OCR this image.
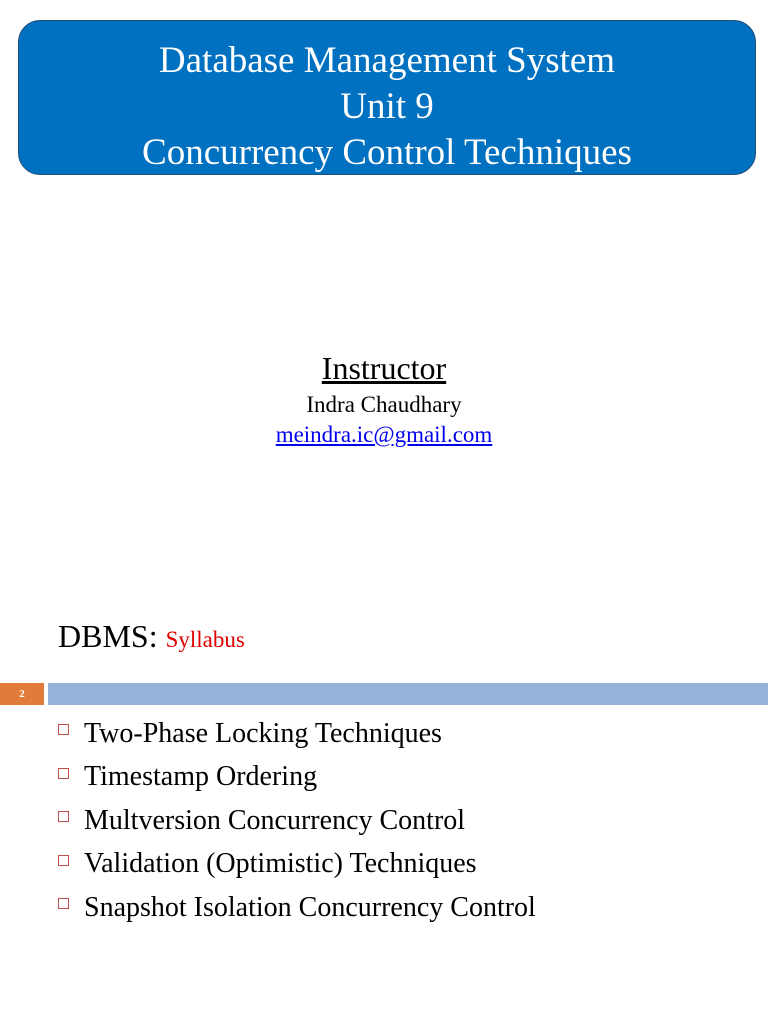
Database Management System
Unit 9
Concurrency Control Techniques
Instructor
Indra Chaudhary
meindra.ic@gmail.com
DBMS: Syllabus
2
Two-Phase Locking Techniques
Timestamp Ordering
Multversion Concurrency Control
Validation (Optimistic) Techniques
Snapshot Isolation Concurrency Control
